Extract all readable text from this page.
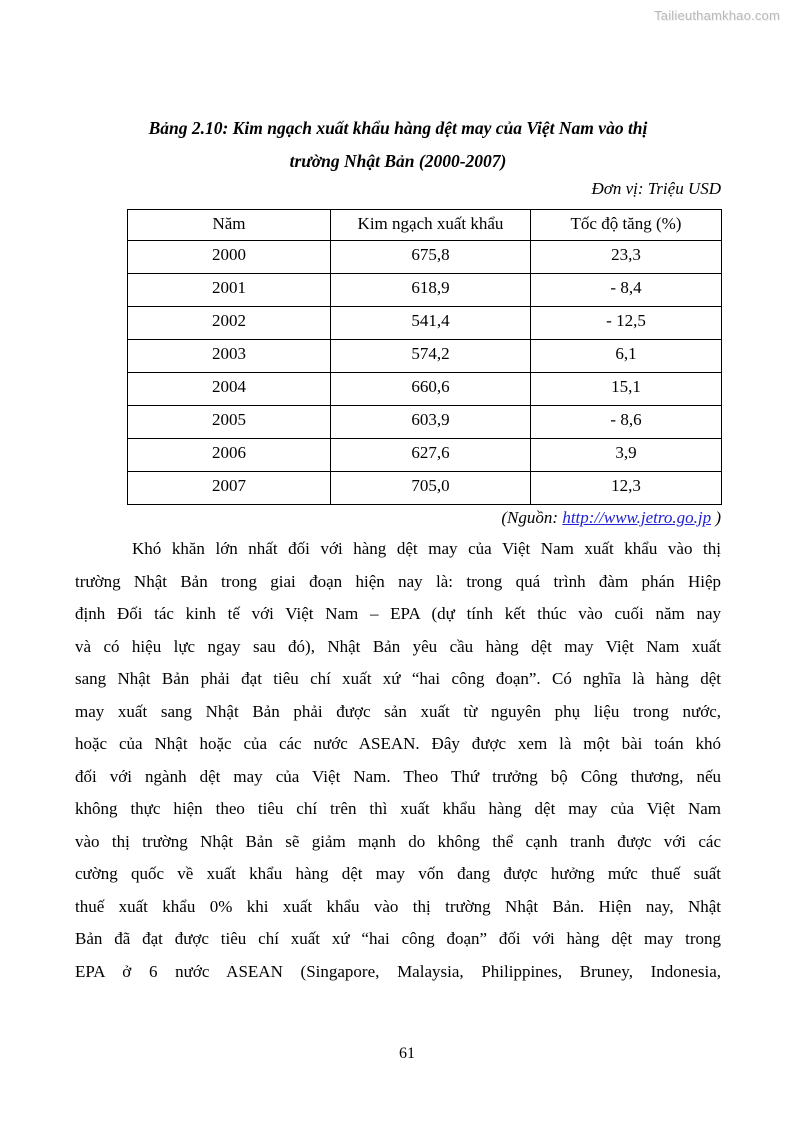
Tailieuthamkhao.com
Bảng 2.10: Kim ngạch xuất khẩu hàng dệt may của Việt Nam vào thị
trường Nhật Bản (2000-2007)
Đơn vị: Triệu USD
Năm	Kim ngạch xuất khẩu	Tốc độ tăng (%)
2000	675,8	23,3
2001	618,9	- 8,4
2002	541,4	- 12,5
2003	574,2	6,1
2004	660,6	15,1
2005	603,9	- 8,6
2006	627,6	3,9
2007	705,0	12,3
(Nguồn: http://www.jetro.go.jp )
Khó khăn lớn nhất đối với hàng dệt may của Việt Nam xuất khẩu vào thị
trường Nhật Bản trong giai đoạn hiện nay là: trong quá trình đàm phán Hiệp
định Đối tác kinh tế với Việt Nam – EPA (dự tính kết thúc vào cuối năm nay
và có hiệu lực ngay sau đó), Nhật Bản yêu cầu hàng dệt may Việt Nam xuất
sang Nhật Bản phải đạt tiêu chí xuất xứ “hai công đoạn”. Có nghĩa là hàng dệt
may xuất sang Nhật Bản phải được sản xuất từ nguyên phụ liệu trong nước,
hoặc của Nhật hoặc của các nước ASEAN. Đây được xem là một bài toán khó
đối với ngành dệt may của Việt Nam. Theo Thứ trưởng bộ Công thương, nếu
không thực hiện theo tiêu chí trên thì xuất khẩu hàng dệt may của Việt Nam
vào thị trường Nhật Bản sẽ giảm mạnh do không thể cạnh tranh được với các
cường quốc về xuất khẩu hàng dệt may vốn đang được hưởng mức thuế suất
thuế xuất khẩu 0% khi xuất khẩu vào thị trường Nhật Bản. Hiện nay, Nhật
Bản đã đạt được tiêu chí xuất xứ “hai công đoạn” đối với hàng dệt may trong
EPA ở 6 nước ASEAN (Singapore, Malaysia, Philippines, Bruney, Indonesia,
61
